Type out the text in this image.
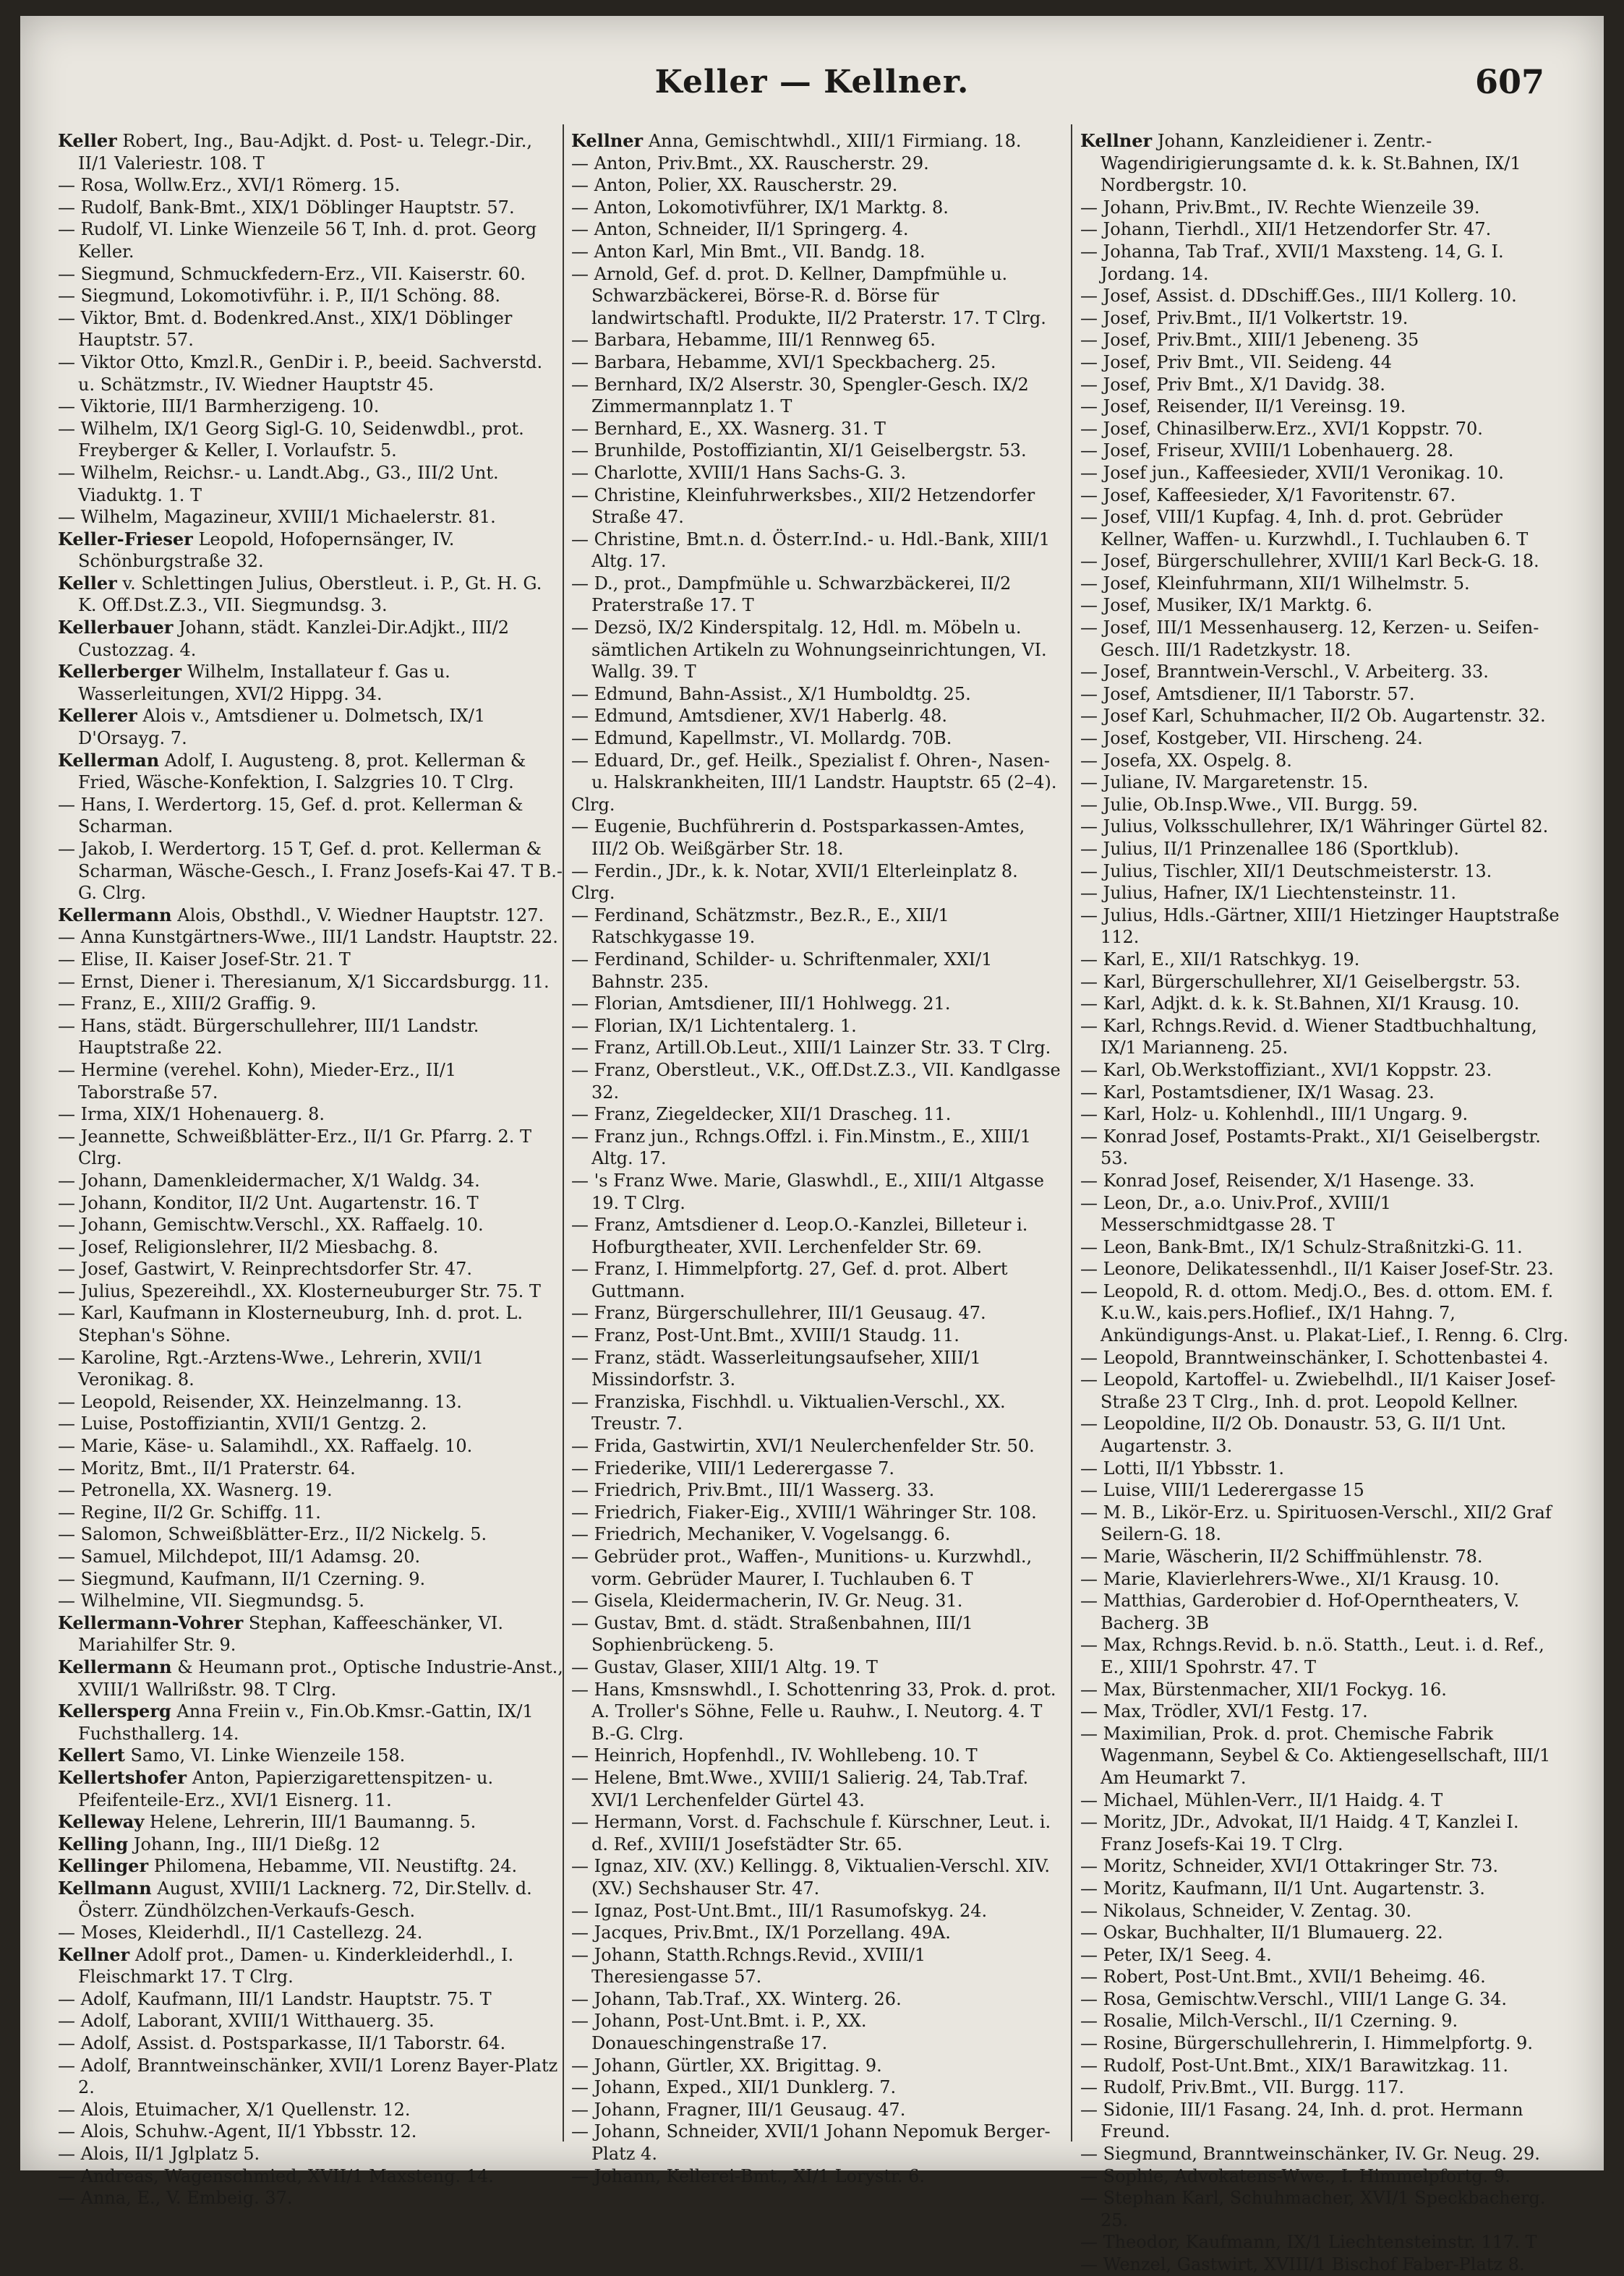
Keller — Kellner.	607

Keller Robert, Ing., Bau-Adjkt. d. Post- u. Telegr.-Dir., II/1 Valeriestr. 108. T

— Rosa, Wollw.Erz., XVI/1 Römerg. 15.

— Rudolf, Bank-Bmt., XIX/1 Döblinger Hauptstr. 57.

— Rudolf, VI. Linke Wienzeile 56 T, Inh. d. prot. Georg Keller.

— Siegmund, Schmuckfedern-Erz., VII. Kaiserstr. 60.

— Siegmund, Lokomotivführ. i. P., II/1 Schöng. 88.

— Viktor, Bmt. d. Bodenkred.Anst., XIX/1 Döblinger Hauptstr. 57.

— Viktor Otto, Kmzl.R., GenDir i. P., beeid. Sachverstd. u. Schätzmstr., IV. Wiedner Hauptstr 45.

— Viktorie, III/1 Barmherzigeng. 10.

— Wilhelm, IX/1 Georg Sigl-G. 10, Seidenwdbl., prot. Freyberger & Keller, I. Vorlaufstr. 5.

— Wilhelm, Reichsr.- u. Landt.Abg., G3., III/2 Unt. Viaduktg. 1. T

— Wilhelm, Magazineur, XVIII/1 Michaelerstr. 81.

Keller-Frieser Leopold, Hofopernsänger, IV. Schönburgstraße 32.

Keller v. Schlettingen Julius, Oberstleut. i. P., Gt. H. G. K. Off.Dst.Z.3., VII. Siegmundsg. 3.

Kellerbauer Johann, städt. Kanzlei-Dir.Adjkt., III/2 Custozzag. 4.

Kellerberger Wilhelm, Installateur f. Gas u. Wasserleitungen, XVI/2 Hippg. 34.

Kellerer Alois v., Amtsdiener u. Dolmetsch, IX/1 D'Orsayg. 7.

Kellerman Adolf, I. Augusteng. 8, prot. Kellerman & Fried, Wäsche-Konfektion, I. Salzgries 10. T Clrg.

— Hans, I. Werdertorg. 15, Gef. d. prot. Kellerman & Scharman.

— Jakob, I. Werdertorg. 15 T, Gef. d. prot. Kellerman & Scharman, Wäsche-Gesch., I. Franz Josefs-Kai 47. T B.-G. Clrg.

Kellermann Alois, Obsthdl., V. Wiedner Hauptstr. 127.

— Anna Kunstgärtners-Wwe., III/1 Landstr. Hauptstr. 22.

— Elise, II. Kaiser Josef-Str. 21. T

— Ernst, Diener i. Theresianum, X/1 Siccardsburgg. 11.

— Franz, E., XIII/2 Graffig. 9.

— Hans, städt. Bürgerschullehrer, III/1 Landstr. Hauptstraße 22.

— Hermine (verehel. Kohn), Mieder-Erz., II/1 Taborstraße 57.

— Irma, XIX/1 Hohenauerg. 8.

— Jeannette, Schweißblätter-Erz., II/1 Gr. Pfarrg. 2. T Clrg.

— Johann, Damenkleidermacher, X/1 Waldg. 34.

— Johann, Konditor, II/2 Unt. Augartenstr. 16. T

— Johann, Gemischtw.Verschl., XX. Raffaelg. 10.

— Josef, Religionslehrer, II/2 Miesbachg. 8.

— Josef, Gastwirt, V. Reinprechtsdorfer Str. 47.

— Julius, Spezereihdl., XX. Klosterneuburger Str. 75. T

— Karl, Kaufmann in Klosterneuburg, Inh. d. prot. L. Stephan's Söhne.

— Karoline, Rgt.-Arztens-Wwe., Lehrerin, XVII/1 Veronikag. 8.

— Leopold, Reisender, XX. Heinzelmanng. 13.

— Luise, Postoffiziantin, XVII/1 Gentzg. 2.

— Marie, Käse- u. Salamihdl., XX. Raffaelg. 10.

— Moritz, Bmt., II/1 Praterstr. 64.

— Petronella, XX. Wasnerg. 19.

— Regine, II/2 Gr. Schiffg. 11.

— Salomon, Schweißblätter-Erz., II/2 Nickelg. 5.

— Samuel, Milchdepot, III/1 Adamsg. 20.

— Siegmund, Kaufmann, II/1 Czerning. 9.

— Wilhelmine, VII. Siegmundsg. 5.

Kellermann-Vohrer Stephan, Kaffeeschänker, VI. Mariahilfer Str. 9.

Kellermann & Heumann prot., Optische Industrie-Anst., XVIII/1 Wallrißstr. 98. T Clrg.

Kellersperg Anna Freiin v., Fin.Ob.Kmsr.-Gattin, IX/1 Fuchsthallerg. 14.

Kellert Samo, VI. Linke Wienzeile 158.

Kellertshofer Anton, Papierzigarettenspitzen- u. Pfeifenteile-Erz., XVI/1 Eisnerg. 11.

Kelleway Helene, Lehrerin, III/1 Baumanng. 5.

Kelling Johann, Ing., III/1 Dießg. 12

Kellinger Philomena, Hebamme, VII. Neustiftg. 24.

Kellmann August, XVIII/1 Lacknerg. 72, Dir.Stellv. d. Österr. Zündhölzchen-Verkaufs-Gesch.

— Moses, Kleiderhdl., II/1 Castellezg. 24.

Kellner Adolf prot., Damen- u. Kinderkleiderhdl., I. Fleischmarkt 17. T Clrg.

— Adolf, Kaufmann, III/1 Landstr. Hauptstr. 75. T

— Adolf, Laborant, XVIII/1 Witthauerg. 35.

— Adolf, Assist. d. Postsparkasse, II/1 Taborstr. 64.

— Adolf, Branntweinschänker, XVII/1 Lorenz Bayer-Platz 2.

— Alois, Etuimacher, X/1 Quellenstr. 12.

— Alois, Schuhw.-Agent, II/1 Ybbsstr. 12.

— Alois, II/1 Jglplatz 5.

— Andreas, Wagenschmied, XVII/1 Maxsteng. 14.

— Anna, E., V. Embeig. 37.

Kellner Anna, Gemischtwhdl., XIII/1 Firmiang. 18.

— Anton, Priv.Bmt., XX. Rauscherstr. 29.

— Anton, Polier, XX. Rauscherstr. 29.

— Anton, Lokomotivführer, IX/1 Marktg. 8.

— Anton, Schneider, II/1 Springerg. 4.

— Anton Karl, Min Bmt., VII. Bandg. 18.

— Arnold, Gef. d. prot. D. Kellner, Dampfmühle u. Schwarzbäckerei, Börse-R. d. Börse für landwirtschaftl. Produkte, II/2 Praterstr. 17. T Clrg.

— Barbara, Hebamme, III/1 Rennweg 65.

— Barbara, Hebamme, XVI/1 Speckbacherg. 25.

— Bernhard, IX/2 Alserstr. 30, Spengler-Gesch. IX/2 Zimmermannplatz 1. T

— Bernhard, E., XX. Wasnerg. 31. T

— Brunhilde, Postoffiziantin, XI/1 Geiselbergstr. 53.

— Charlotte, XVIII/1 Hans Sachs-G. 3.

— Christine, Kleinfuhrwerksbes., XII/2 Hetzendorfer Straße 47.

— Christine, Bmt.n. d. Österr.Ind.- u. Hdl.-Bank, XIII/1 Altg. 17.

— D., prot., Dampfmühle u. Schwarzbäckerei, II/2 Praterstraße 17. T

— Dezsö, IX/2 Kinderspitalg. 12, Hdl. m. Möbeln u. sämtlichen Artikeln zu Wohnungseinrichtungen, VI. Wallg. 39. T

— Edmund, Bahn-Assist., X/1 Humboldtg. 25.

— Edmund, Amtsdiener, XV/1 Haberlg. 48.

— Edmund, Kapellmstr., VI. Mollardg. 70B.

— Eduard, Dr., gef. Heilk., Spezialist f. Ohren-, Nasen- u. Halskrankheiten, III/1 Landstr. Hauptstr. 65 (2–4).

Clrg.

— Eugenie, Buchführerin d. Postsparkassen-Amtes, III/2 Ob. Weißgärber Str. 18.

— Ferdin., JDr., k. k. Notar, XVII/1 Elterleinplatz 8.

Clrg.

— Ferdinand, Schätzmstr., Bez.R., E., XII/1 Ratschkygasse 19.

— Ferdinand, Schilder- u. Schriftenmaler, XXI/1 Bahnstr. 235.

— Florian, Amtsdiener, III/1 Hohlwegg. 21.

— Florian, IX/1 Lichtentalerg. 1.

— Franz, Artill.Ob.Leut., XIII/1 Lainzer Str. 33. T Clrg.

— Franz, Oberstleut., V.K., Off.Dst.Z.3., VII. Kandlgasse 32.

— Franz, Ziegeldecker, XII/1 Drascheg. 11.

— Franz jun., Rchngs.Offzl. i. Fin.Minstm., E., XIII/1 Altg. 17.

— 's Franz Wwe. Marie, Glaswhdl., E., XIII/1 Altgasse 19. T Clrg.

— Franz, Amtsdiener d. Leop.O.-Kanzlei, Billeteur i. Hofburgtheater, XVII. Lerchenfelder Str. 69.

— Franz, I. Himmelpfortg. 27, Gef. d. prot. Albert Guttmann.

— Franz, Bürgerschullehrer, III/1 Geusaug. 47.

— Franz, Post-Unt.Bmt., XVIII/1 Staudg. 11.

— Franz, städt. Wasserleitungsaufseher, XIII/1 Missindorfstr. 3.

— Franziska, Fischhdl. u. Viktualien-Verschl., XX. Treustr. 7.

— Frida, Gastwirtin, XVI/1 Neulerchenfelder Str. 50.

— Friederike, VIII/1 Lederergasse 7.

— Friedrich, Priv.Bmt., III/1 Wasserg. 33.

— Friedrich, Fiaker-Eig., XVIII/1 Währinger Str. 108.

— Friedrich, Mechaniker, V. Vogelsangg. 6.

— Gebrüder prot., Waffen-, Munitions- u. Kurzwhdl., vorm. Gebrüder Maurer, I. Tuchlauben 6. T

— Gisela, Kleidermacherin, IV. Gr. Neug. 31.

— Gustav, Bmt. d. städt. Straßenbahnen, III/1 Sophienbrückeng. 5.

— Gustav, Glaser, XIII/1 Altg. 19. T

— Hans, Kmsnswhdl., I. Schottenring 33, Prok. d. prot. A. Troller's Söhne, Felle u. Rauhw., I. Neutorg. 4. T B.-G. Clrg.

— Heinrich, Hopfenhdl., IV. Wohllebeng. 10. T

— Helene, Bmt.Wwe., XVIII/1 Salierig. 24, Tab.Traf. XVI/1 Lerchenfelder Gürtel 43.

— Hermann, Vorst. d. Fachschule f. Kürschner, Leut. i. d. Ref., XVIII/1 Josefstädter Str. 65.

— Ignaz, XIV. (XV.) Kellingg. 8, Viktualien-Verschl. XIV. (XV.) Sechshauser Str. 47.

— Ignaz, Post-Unt.Bmt., III/1 Rasumofskyg. 24.

— Jacques, Priv.Bmt., IX/1 Porzellang. 49A.

— Johann, Statth.Rchngs.Revid., XVIII/1 Theresiengasse 57.

— Johann, Tab.Traf., XX. Winterg. 26.

— Johann, Post-Unt.Bmt. i. P., XX. Donaueschingenstraße 17.

— Johann, Gürtler, XX. Brigittag. 9.

— Johann, Exped., XII/1 Dunklerg. 7.

— Johann, Fragner, III/1 Geusaug. 47.

— Johann, Schneider, XVII/1 Johann Nepomuk Berger-Platz 4.

— Johann, Kellerei-Bmt., XI/1 Lorystr. 6.

Kellner Johann, Kanzleidiener i. Zentr.-Wagendirigierungsamte d. k. k. St.Bahnen, IX/1 Nordbergstr. 10.

— Johann, Priv.Bmt., IV. Rechte Wienzeile 39.

— Johann, Tierhdl., XII/1 Hetzendorfer Str. 47.

— Johanna, Tab Traf., XVII/1 Maxsteng. 14, G. I. Jordang. 14.

— Josef, Assist. d. DDschiff.Ges., III/1 Kollerg. 10.

— Josef, Priv.Bmt., II/1 Volkertstr. 19.

— Josef, Priv.Bmt., XIII/1 Jebeneng. 35

— Josef, Priv Bmt., VII. Seideng. 44

— Josef, Priv Bmt., X/1 Davidg. 38.

— Josef, Reisender, II/1 Vereinsg. 19.

— Josef, Chinasilberw.Erz., XVI/1 Koppstr. 70.

— Josef, Friseur, XVIII/1 Lobenhauerg. 28.

— Josef jun., Kaffeesieder, XVII/1 Veronikag. 10.

— Josef, Kaffeesieder, X/1 Favoritenstr. 67.

— Josef, VIII/1 Kupfag. 4, Inh. d. prot. Gebrüder Kellner, Waffen- u. Kurzwhdl., I. Tuchlauben 6. T

— Josef, Bürgerschullehrer, XVIII/1 Karl Beck-G. 18.

— Josef, Kleinfuhrmann, XII/1 Wilhelmstr. 5.

— Josef, Musiker, IX/1 Marktg. 6.

— Josef, III/1 Messenhauserg. 12, Kerzen- u. Seifen-Gesch. III/1 Radetzkystr. 18.

— Josef, Branntwein-Verschl., V. Arbeiterg. 33.

— Josef, Amtsdiener, II/1 Taborstr. 57.

— Josef Karl, Schuhmacher, II/2 Ob. Augartenstr. 32.

— Josef, Kostgeber, VII. Hirscheng. 24.

— Josefa, XX. Ospelg. 8.

— Juliane, IV. Margaretenstr. 15.

— Julie, Ob.Insp.Wwe., VII. Burgg. 59.

— Julius, Volksschullehrer, IX/1 Währinger Gürtel 82.

— Julius, II/1 Prinzenallee 186 (Sportklub).

— Julius, Tischler, XII/1 Deutschmeisterstr. 13.

— Julius, Hafner, IX/1 Liechtensteinstr. 11.

— Julius, Hdls.-Gärtner, XIII/1 Hietzinger Hauptstraße 112.

— Karl, E., XII/1 Ratschkyg. 19.

— Karl, Bürgerschullehrer, XI/1 Geiselbergstr. 53.

— Karl, Adjkt. d. k. k. St.Bahnen, XI/1 Krausg. 10.

— Karl, Rchngs.Revid. d. Wiener Stadtbuchhaltung, IX/1 Marianneng. 25.

— Karl, Ob.Werkstoffiziant., XVI/1 Koppstr. 23.

— Karl, Postamtsdiener, IX/1 Wasag. 23.

— Karl, Holz- u. Kohlenhdl., III/1 Ungarg. 9.

— Konrad Josef, Postamts-Prakt., XI/1 Geiselbergstr. 53.

— Konrad Josef, Reisender, X/1 Hasenge. 33.

— Leon, Dr., a.o. Univ.Prof., XVIII/1 Messerschmidtgasse 28. T

— Leon, Bank-Bmt., IX/1 Schulz-Straßnitzki-G. 11.

— Leonore, Delikatessenhdl., II/1 Kaiser Josef-Str. 23.

— Leopold, R. d. ottom. Medj.O., Bes. d. ottom. EM. f. K.u.W., kais.pers.Hoflief., IX/1 Hahng. 7, Ankündigungs-Anst. u. Plakat-Lief., I. Renng. 6. Clrg.

— Leopold, Branntweinschänker, I. Schottenbastei 4.

— Leopold, Kartoffel- u. Zwiebelhdl., II/1 Kaiser Josef-Straße 23 T Clrg., Inh. d. prot. Leopold Kellner.

— Leopoldine, II/2 Ob. Donaustr. 53, G. II/1 Unt. Augartenstr. 3.

— Lotti, II/1 Ybbsstr. 1.

— Luise, VIII/1 Lederergasse 15

— M. B., Likör-Erz. u. Spirituosen-Verschl., XII/2 Graf Seilern-G. 18.

— Marie, Wäscherin, II/2 Schiffmühlenstr. 78.

— Marie, Klavierlehrers-Wwe., XI/1 Krausg. 10.

— Matthias, Garderobier d. Hof-Operntheaters, V. Bacherg. 3B

— Max, Rchngs.Revid. b. n.ö. Statth., Leut. i. d. Ref., E., XIII/1 Spohrstr. 47. T

— Max, Bürstenmacher, XII/1 Fockyg. 16.

— Max, Trödler, XVI/1 Festg. 17.

— Maximilian, Prok. d. prot. Chemische Fabrik Wagenmann, Seybel & Co. Aktiengesellschaft, III/1 Am Heumarkt 7.

— Michael, Mühlen-Verr., II/1 Haidg. 4. T

— Moritz, JDr., Advokat, II/1 Haidg. 4 T, Kanzlei I. Franz Josefs-Kai 19. T Clrg.

— Moritz, Schneider, XVI/1 Ottakringer Str. 73.

— Moritz, Kaufmann, II/1 Unt. Augartenstr. 3.

— Nikolaus, Schneider, V. Zentag. 30.

— Oskar, Buchhalter, II/1 Blumauerg. 22.

— Peter, IX/1 Seeg. 4.

— Robert, Post-Unt.Bmt., XVII/1 Beheimg. 46.

— Rosa, Gemischtw.Verschl., VIII/1 Lange G. 34.

— Rosalie, Milch-Verschl., II/1 Czerning. 9.

— Rosine, Bürgerschullehrerin, I. Himmelpfortg. 9.

— Rudolf, Post-Unt.Bmt., XIX/1 Barawitzkag. 11.

— Rudolf, Priv.Bmt., VII. Burgg. 117.

— Sidonie, III/1 Fasang. 24, Inh. d. prot. Hermann Freund.

— Siegmund, Branntweinschänker, IV. Gr. Neug. 29.

— Sophie, Advokatens-Wwe., I. Himmelpfortg. 9.

— Stephan Karl, Schuhmacher, XVI/1 Speckbacherg. 25.

— Theodor, Kaufmann, IX/1 Liechtensteinstr. 117. T

— Wenzel, Gastwirt, XVIII/1 Bischof Faber-Platz 8.
